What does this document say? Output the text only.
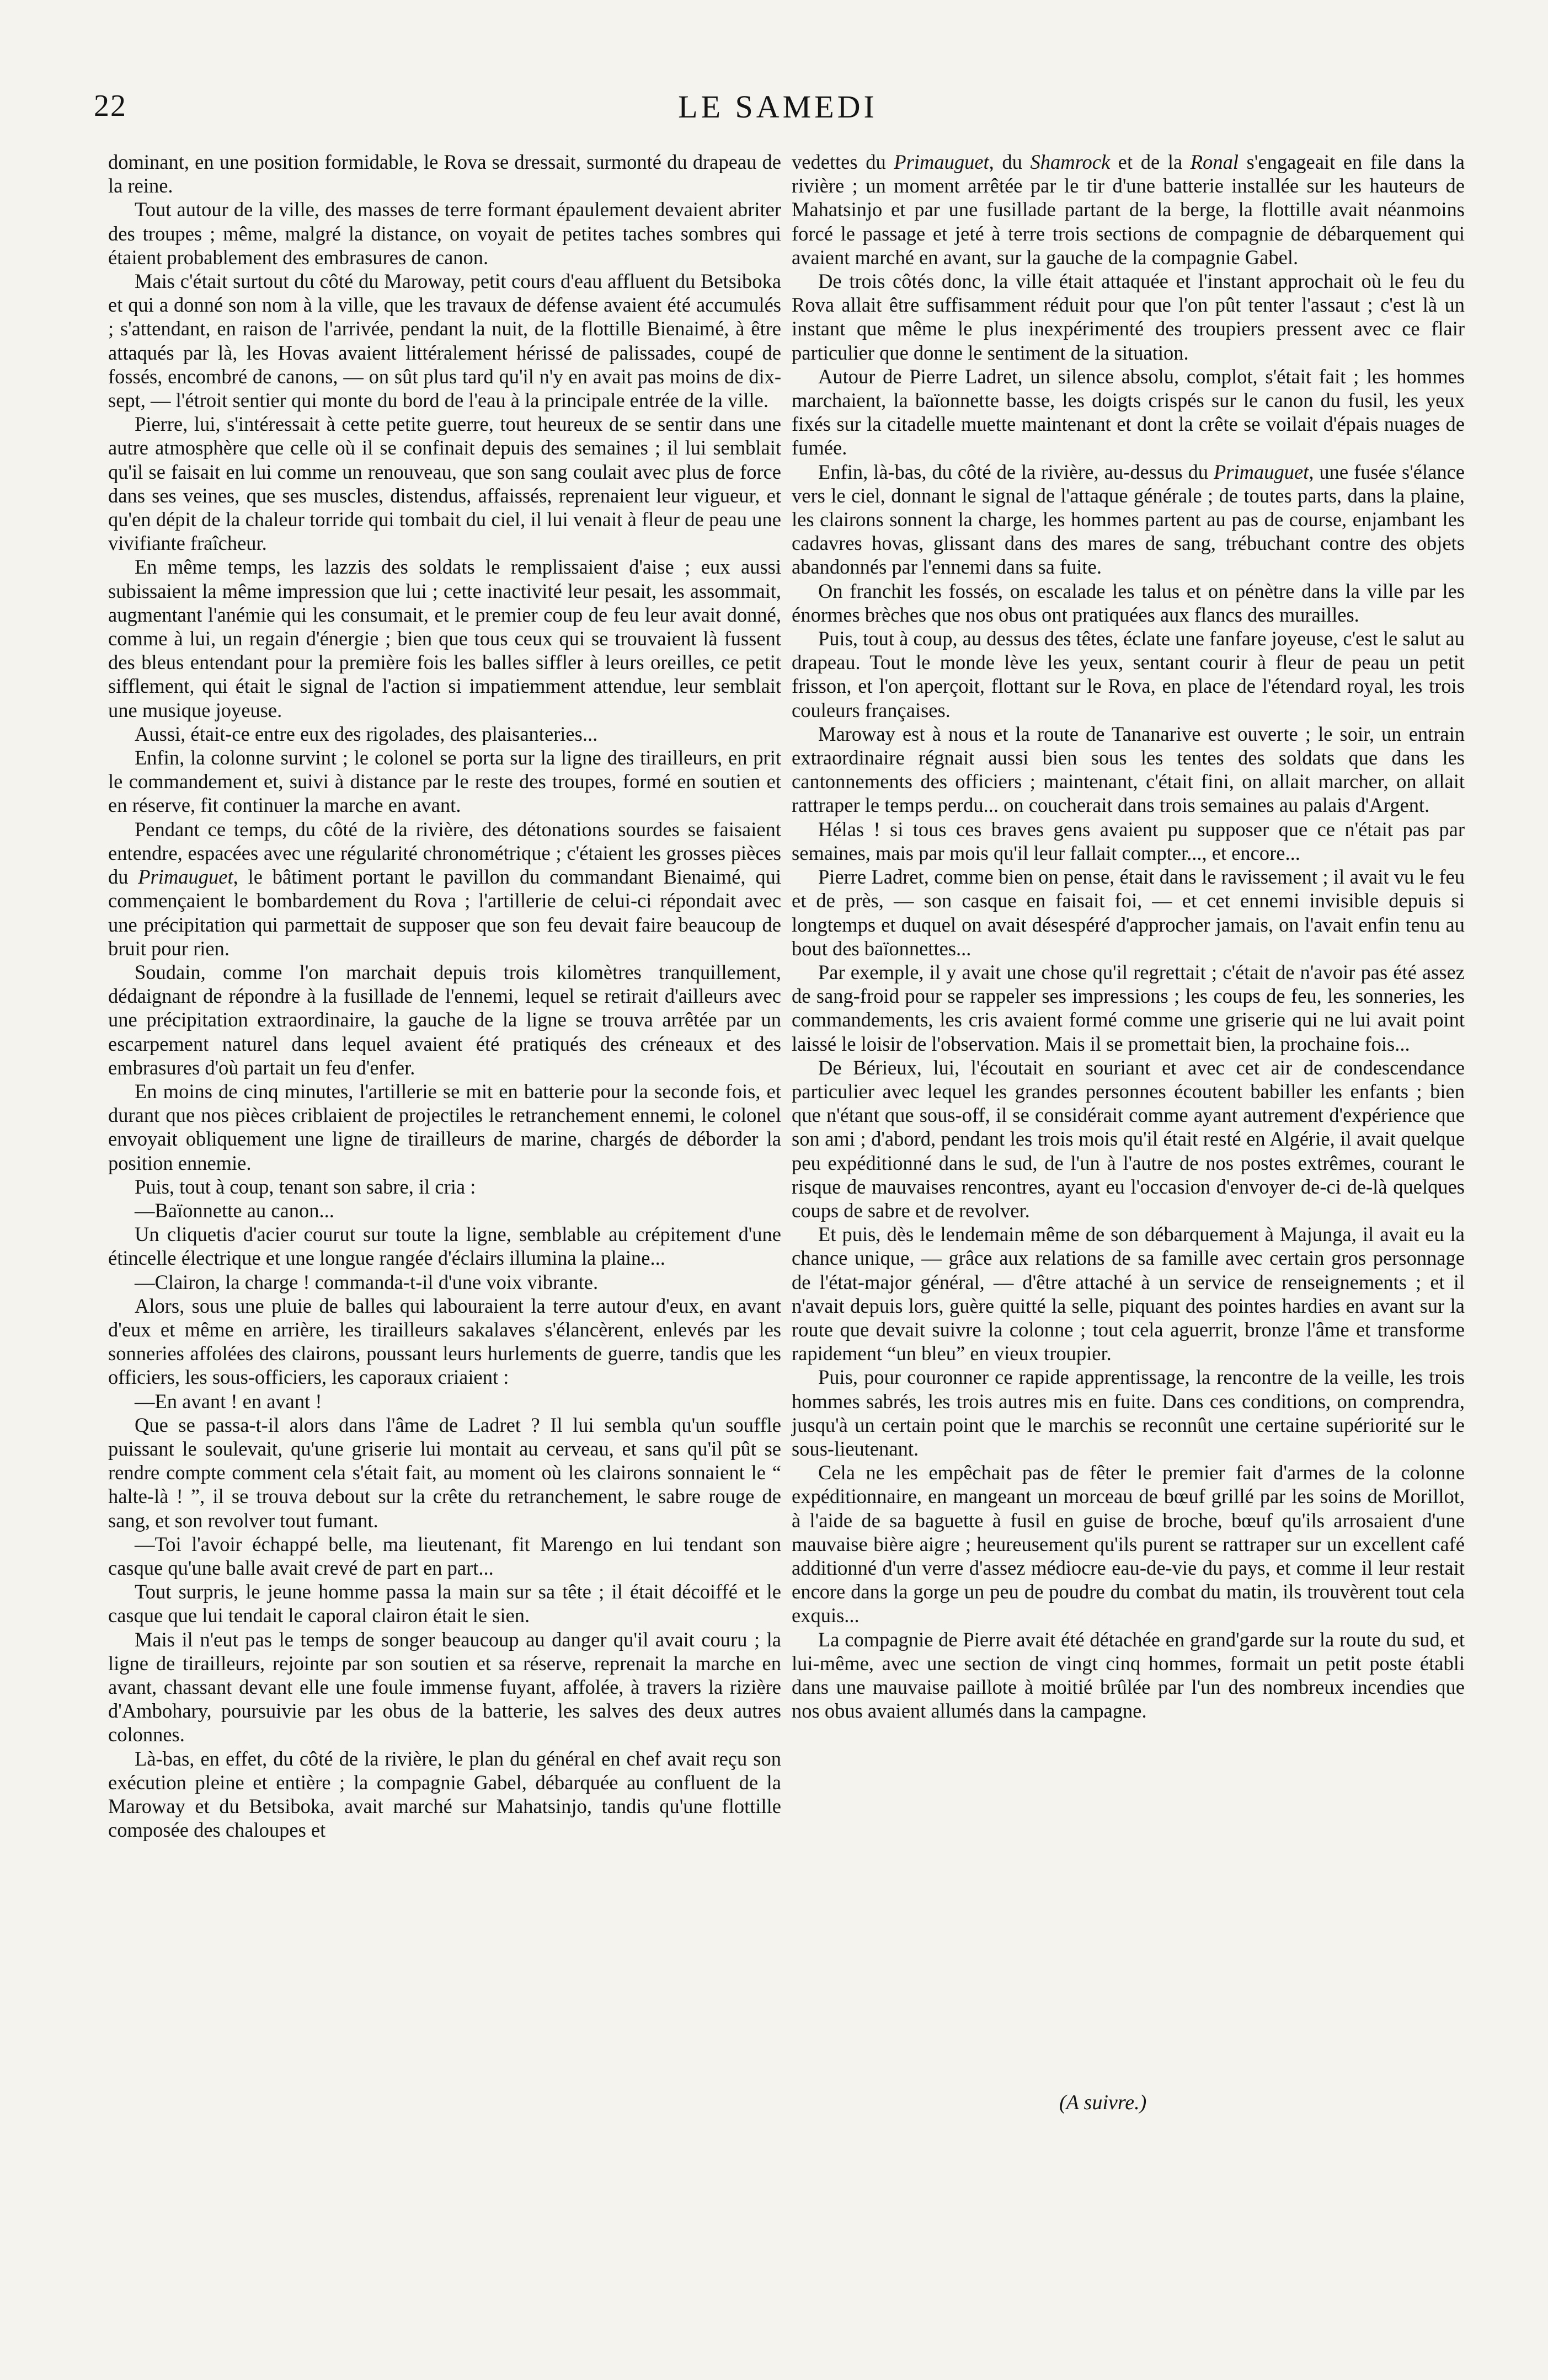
22	LE SAMEDI

dominant, en une position formidable, le Rova se dressait, surmonté du drapeau de la reine.

Tout autour de la ville, des masses de terre formant épaulement devaient abriter des troupes ; même, malgré la distance, on voyait de petites taches sombres qui étaient probablement des embrasures de canon.

Mais c'était surtout du côté du Maroway, petit cours d'eau affluent du Betsiboka et qui a donné son nom à la ville, que les travaux de défense avaient été accumulés ; s'attendant, en raison de l'arrivée, pendant la nuit, de la flottille Bienaimé, à être attaqués par là, les Hovas avaient littéralement hérissé de palissades, coupé de fossés, encombré de canons, — on sût plus tard qu'il n'y en avait pas moins de dix-sept, — l'étroit sentier qui monte du bord de l'eau à la principale entrée de la ville.

Pierre, lui, s'intéressait à cette petite guerre, tout heureux de se sentir dans une autre atmosphère que celle où il se confinait depuis des semaines ; il lui semblait qu'il se faisait en lui comme un renouveau, que son sang coulait avec plus de force dans ses veines, que ses muscles, distendus, affaissés, reprenaient leur vigueur, et qu'en dépit de la chaleur torride qui tombait du ciel, il lui venait à fleur de peau une vivifiante fraîcheur.

En même temps, les lazzis des soldats le remplissaient d'aise ; eux aussi subissaient la même impression que lui ; cette inactivité leur pesait, les assommait, augmentant l'anémie qui les consumait, et le premier coup de feu leur avait donné, comme à lui, un regain d'énergie ; bien que tous ceux qui se trouvaient là fussent des bleus entendant pour la première fois les balles siffler à leurs oreilles, ce petit sifflement, qui était le signal de l'action si impatiemment attendue, leur semblait une musique joyeuse.

Aussi, était-ce entre eux des rigolades, des plaisanteries...

Enfin, la colonne survint ; le colonel se porta sur la ligne des tirailleurs, en prit le commandement et, suivi à distance par le reste des troupes, formé en soutien et en réserve, fit continuer la marche en avant.

Pendant ce temps, du côté de la rivière, des détonations sourdes se faisaient entendre, espacées avec une régularité chronométrique ; c'étaient les grosses pièces du Primauguet, le bâtiment portant le pavillon du commandant Bienaimé, qui commençaient le bombardement du Rova ; l'artillerie de celui-ci répondait avec une précipitation qui parmettait de supposer que son feu devait faire beaucoup de bruit pour rien.

Soudain, comme l'on marchait depuis trois kilomètres tranquillement, dédaignant de répondre à la fusillade de l'ennemi, lequel se retirait d'ailleurs avec une précipitation extraordinaire, la gauche de la ligne se trouva arrêtée par un escarpement naturel dans lequel avaient été pratiqués des créneaux et des embrasures d'où partait un feu d'enfer.

En moins de cinq minutes, l'artillerie se mit en batterie pour la seconde fois, et durant que nos pièces criblaient de projectiles le retranchement ennemi, le colonel envoyait obliquement une ligne de tirailleurs de marine, chargés de déborder la position ennemie.

Puis, tout à coup, tenant son sabre, il cria :

—Baïonnette au canon...

Un cliquetis d'acier courut sur toute la ligne, semblable au crépitement d'une étincelle électrique et une longue rangée d'éclairs illumina la plaine...

—Clairon, la charge ! commanda-t-il d'une voix vibrante.

Alors, sous une pluie de balles qui labouraient la terre autour d'eux, en avant d'eux et même en arrière, les tirailleurs sakalaves s'élancèrent, enlevés par les sonneries affolées des clairons, poussant leurs hurlements de guerre, tandis que les officiers, les sous-officiers, les caporaux criaient :

—En avant ! en avant !

Que se passa-t-il alors dans l'âme de Ladret ? Il lui sembla qu'un souffle puissant le soulevait, qu'une griserie lui montait au cerveau, et sans qu'il pût se rendre compte comment cela s'était fait, au moment où les clairons sonnaient le “ halte-là ! ”, il se trouva debout sur la crête du retranchement, le sabre rouge de sang, et son revolver tout fumant.

—Toi l'avoir échappé belle, ma lieutenant, fit Marengo en lui tendant son casque qu'une balle avait crevé de part en part...

Tout surpris, le jeune homme passa la main sur sa tête ; il était décoiffé et le casque que lui tendait le caporal clairon était le sien.

Mais il n'eut pas le temps de songer beaucoup au danger qu'il avait couru ; la ligne de tirailleurs, rejointe par son soutien et sa réserve, reprenait la marche en avant, chassant devant elle une foule immense fuyant, affolée, à travers la rizière d'Ambohary, poursuivie par les obus de la batterie, les salves des deux autres colonnes.

Là-bas, en effet, du côté de la rivière, le plan du général en chef avait reçu son exécution pleine et entière ; la compagnie Gabel, débarquée au confluent de la Maroway et du Betsiboka, avait marché sur Mahatsinjo, tandis qu'une flottille composée des chaloupes et

vedettes du Primauguet, du Shamrock et de la Ronal s'engageait en file dans la rivière ; un moment arrêtée par le tir d'une batterie installée sur les hauteurs de Mahatsinjo et par une fusillade partant de la berge, la flottille avait néanmoins forcé le passage et jeté à terre trois sections de compagnie de débarquement qui avaient marché en avant, sur la gauche de la compagnie Gabel.

De trois côtés donc, la ville était attaquée et l'instant approchait où le feu du Rova allait être suffisamment réduit pour que l'on pût tenter l'assaut ; c'est là un instant que même le plus inexpérimenté des troupiers pressent avec ce flair particulier que donne le sentiment de la situation.

Autour de Pierre Ladret, un silence absolu, complot, s'était fait ; les hommes marchaient, la baïonnette basse, les doigts crispés sur le canon du fusil, les yeux fixés sur la citadelle muette maintenant et dont la crête se voilait d'épais nuages de fumée.

Enfin, là-bas, du côté de la rivière, au-dessus du Primauguet, une fusée s'élance vers le ciel, donnant le signal de l'attaque générale ; de toutes parts, dans la plaine, les clairons sonnent la charge, les hommes partent au pas de course, enjambant les cadavres hovas, glissant dans des mares de sang, trébuchant contre des objets abandonnés par l'ennemi dans sa fuite.

On franchit les fossés, on escalade les talus et on pénètre dans la ville par les énormes brèches que nos obus ont pratiquées aux flancs des murailles.

Puis, tout à coup, au dessus des têtes, éclate une fanfare joyeuse, c'est le salut au drapeau. Tout le monde lève les yeux, sentant courir à fleur de peau un petit frisson, et l'on aperçoit, flottant sur le Rova, en place de l'étendard royal, les trois couleurs françaises.

Maroway est à nous et la route de Tananarive est ouverte ; le soir, un entrain extraordinaire régnait aussi bien sous les tentes des soldats que dans les cantonnements des officiers ; maintenant, c'était fini, on allait marcher, on allait rattraper le temps perdu... on coucherait dans trois semaines au palais d'Argent.

Hélas ! si tous ces braves gens avaient pu supposer que ce n'était pas par semaines, mais par mois qu'il leur fallait compter..., et encore...

Pierre Ladret, comme bien on pense, était dans le ravissement ; il avait vu le feu et de près, — son casque en faisait foi, — et cet ennemi invisible depuis si longtemps et duquel on avait désespéré d'approcher jamais, on l'avait enfin tenu au bout des baïonnettes...

Par exemple, il y avait une chose qu'il regrettait ; c'était de n'avoir pas été assez de sang-froid pour se rappeler ses impressions ; les coups de feu, les sonneries, les commandements, les cris avaient formé comme une griserie qui ne lui avait point laissé le loisir de l'observation. Mais il se promettait bien, la prochaine fois...

De Bérieux, lui, l'écoutait en souriant et avec cet air de condescendance particulier avec lequel les grandes personnes écoutent babiller les enfants ; bien que n'étant que sous-off, il se considérait comme ayant autrement d'expérience que son ami ; d'abord, pendant les trois mois qu'il était resté en Algérie, il avait quelque peu expéditionné dans le sud, de l'un à l'autre de nos postes extrêmes, courant le risque de mauvaises rencontres, ayant eu l'occasion d'envoyer de-ci de-là quelques coups de sabre et de revolver.

Et puis, dès le lendemain même de son débarquement à Majunga, il avait eu la chance unique, — grâce aux relations de sa famille avec certain gros personnage de l'état-major général, — d'être attaché à un service de renseignements ; et il n'avait depuis lors, guère quitté la selle, piquant des pointes hardies en avant sur la route que devait suivre la colonne ; tout cela aguerrit, bronze l'âme et transforme rapidement “un bleu” en vieux troupier.

Puis, pour couronner ce rapide apprentissage, la rencontre de la veille, les trois hommes sabrés, les trois autres mis en fuite. Dans ces conditions, on comprendra, jusqu'à un certain point que le marchis se reconnût une certaine supériorité sur le sous-lieutenant.

Cela ne les empêchait pas de fêter le premier fait d'armes de la colonne expéditionnaire, en mangeant un morceau de bœuf grillé par les soins de Morillot, à l'aide de sa baguette à fusil en guise de broche, bœuf qu'ils arrosaient d'une mauvaise bière aigre ; heureusement qu'ils purent se rattraper sur un excellent café additionné d'un verre d'assez médiocre eau-de-vie du pays, et comme il leur restait encore dans la gorge un peu de poudre du combat du matin, ils trouvèrent tout cela exquis...

La compagnie de Pierre avait été détachée en grand'garde sur la route du sud, et lui-même, avec une section de vingt cinq hommes, formait un petit poste établi dans une mauvaise paillote à moitié brûlée par l'un des nombreux incendies que nos obus avaient allumés dans la campagne.

(A suivre.)
